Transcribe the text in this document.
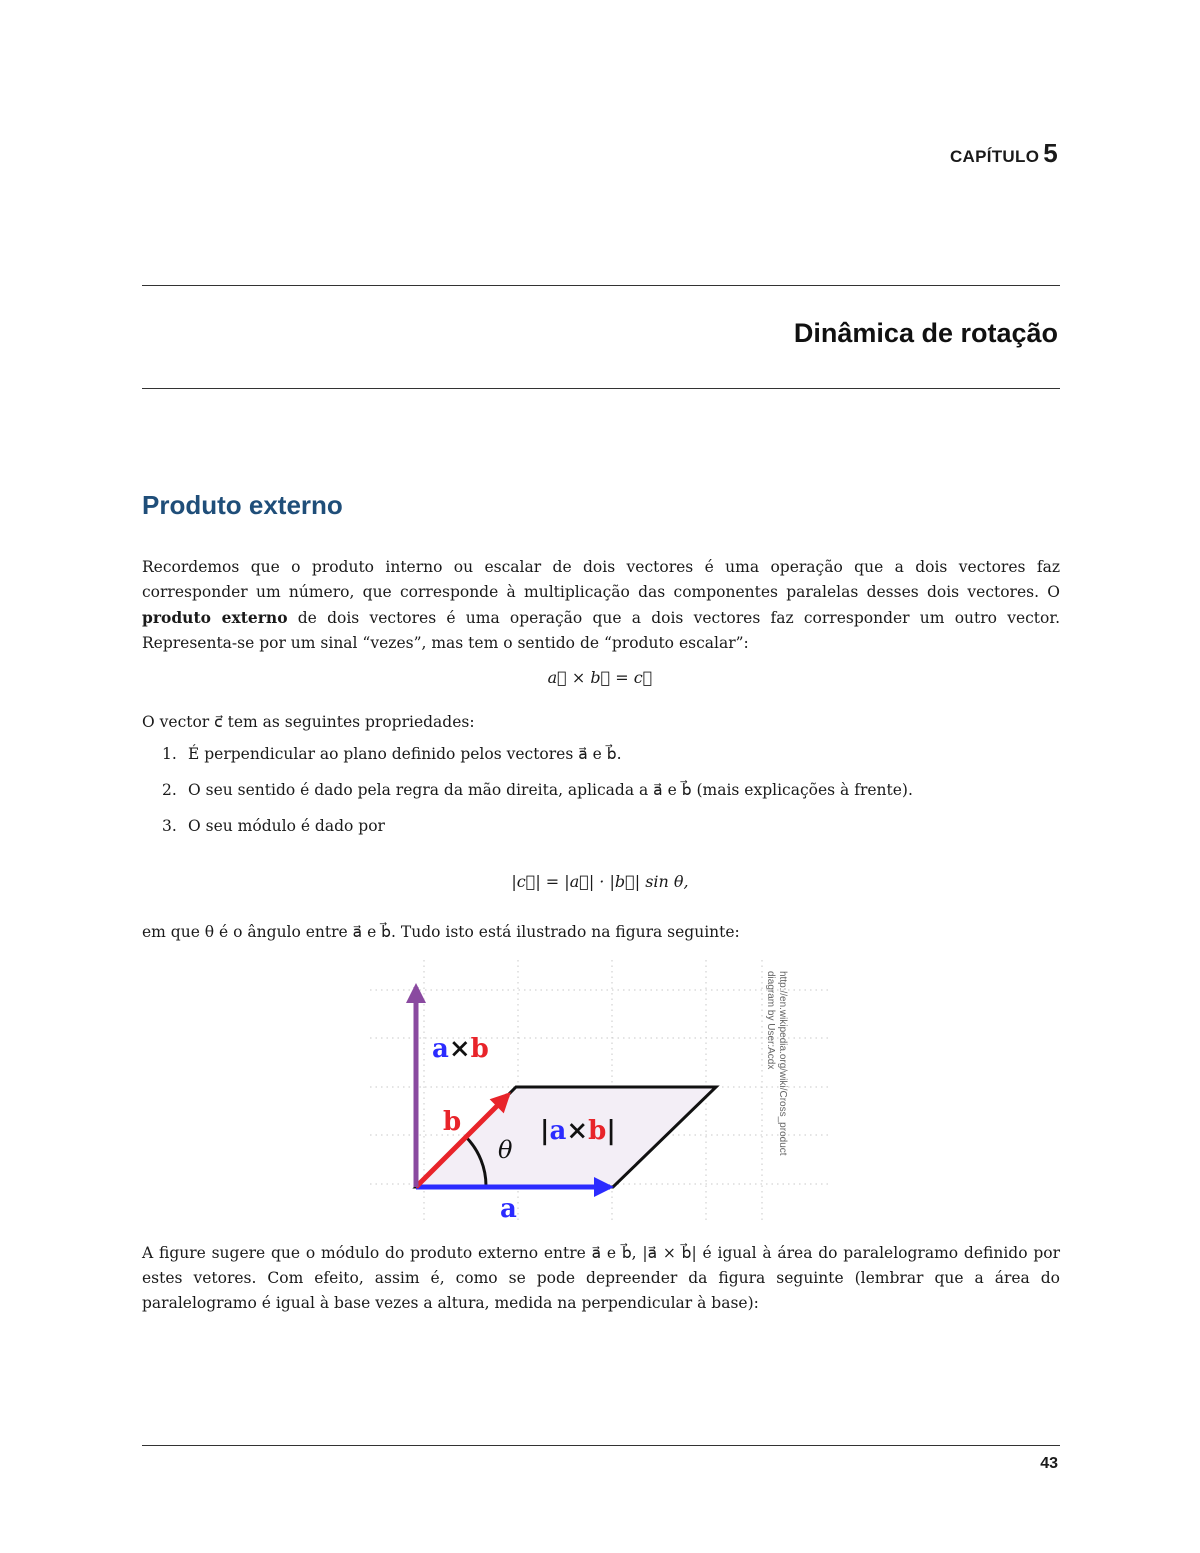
CAPÍTULO 5
Dinâmica de rotação
Produto externo
Recordemos que o produto interno ou escalar de dois vectores é uma operação que a dois vectores faz corresponder um número, que corresponde à multiplicação das componentes paralelas desses dois vectores. O produto externo de dois vectores é uma operação que a dois vectores faz corresponder um outro vector. Representa-se por um sinal “vezes”, mas tem o sentido de “produto escalar”:
a⃗ × b⃗ = c⃗
O vector c⃗ tem as seguintes propriedades:
1. É perpendicular ao plano definido pelos vectores a⃗ e b⃗.
2. O seu sentido é dado pela regra da mão direita, aplicada a a⃗ e b⃗ (mais explicações à frente).
3. O seu módulo é dado por
|c⃗| = |a⃗| · |b⃗| sin θ,
em que θ é o ângulo entre a⃗ e b⃗. Tudo isto está ilustrado na figura seguinte:
a×b
b
θ
|a×b|
a
http://en.wikipedia.org/wiki/Cross_product
diagram by User:Acdx
A figure sugere que o módulo do produto externo entre a⃗ e b⃗, |a⃗ × b⃗| é igual à área do paralelogramo definido por estes vetores. Com efeito, assim é, como se pode depreender da figura seguinte (lembrar que a área do paralelogramo é igual à base vezes a altura, medida na perpendicular à base):
43
